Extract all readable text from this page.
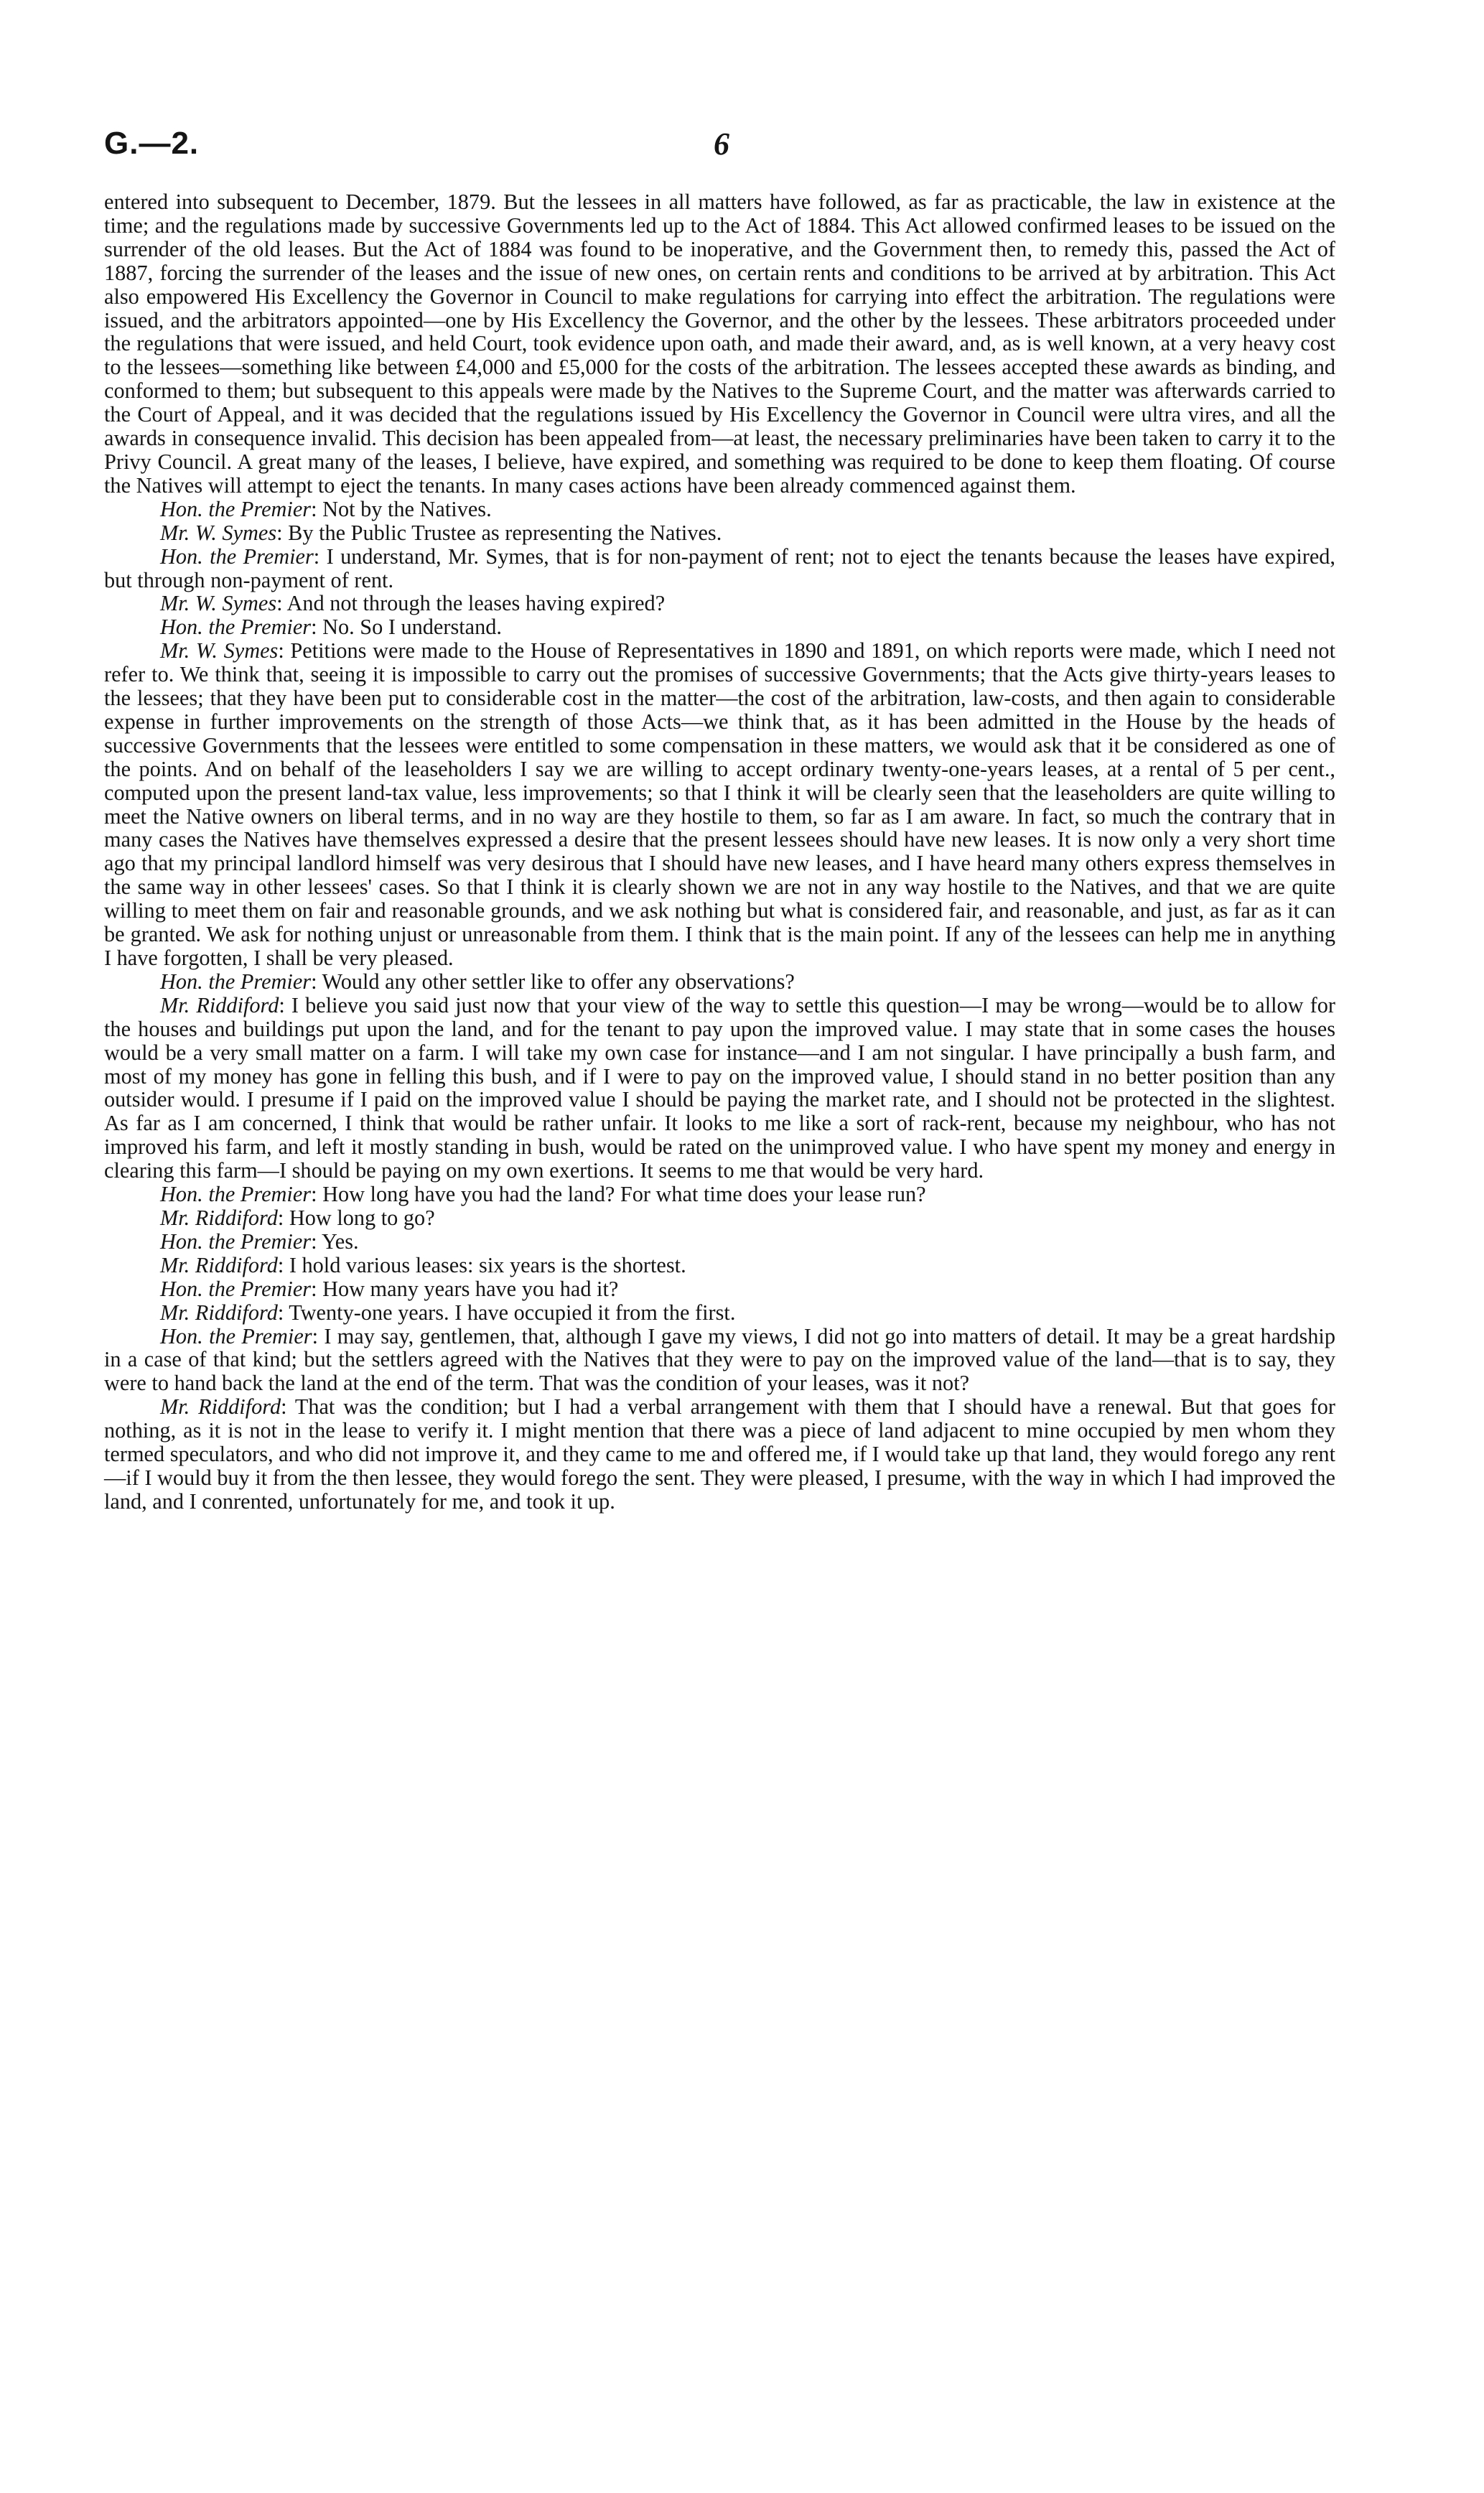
G.—2.	6

entered into subsequent to December, 1879. But the lessees in all matters have followed, as far as practicable, the law in existence at the time; and the regulations made by successive Governments led up to the Act of 1884. This Act allowed confirmed leases to be issued on the surrender of the old leases. But the Act of 1884 was found to be inoperative, and the Government then, to remedy this, passed the Act of 1887, forcing the surrender of the leases and the issue of new ones, on certain rents and conditions to be arrived at by arbitration. This Act also empowered His Excellency the Governor in Council to make regulations for carrying into effect the arbitration. The regulations were issued, and the arbitrators appointed—one by His Excellency the Governor, and the other by the lessees. These arbitrators proceeded under the regulations that were issued, and held Court, took evidence upon oath, and made their award, and, as is well known, at a very heavy cost to the lessees—something like between £4,000 and £5,000 for the costs of the arbitration. The lessees accepted these awards as binding, and conformed to them; but subsequent to this appeals were made by the Natives to the Supreme Court, and the matter was afterwards carried to the Court of Appeal, and it was decided that the regulations issued by His Excellency the Governor in Council were ultra vires, and all the awards in consequence invalid. This decision has been appealed from—at least, the necessary preliminaries have been taken to carry it to the Privy Council. A great many of the leases, I believe, have expired, and something was required to be done to keep them floating. Of course the Natives will attempt to eject the tenants. In many cases actions have been already commenced against them.

Hon. the Premier: Not by the Natives.

Mr. W. Symes: By the Public Trustee as representing the Natives.

Hon. the Premier: I understand, Mr. Symes, that is for non-payment of rent; not to eject the tenants because the leases have expired, but through non-payment of rent.

Mr. W. Symes: And not through the leases having expired?

Hon. the Premier: No. So I understand.

Mr. W. Symes: Petitions were made to the House of Representatives in 1890 and 1891, on which reports were made, which I need not refer to. We think that, seeing it is impossible to carry out the promises of successive Governments; that the Acts give thirty-years leases to the lessees; that they have been put to considerable cost in the matter—the cost of the arbitration, law-costs, and then again to considerable expense in further improvements on the strength of those Acts—we think that, as it has been admitted in the House by the heads of successive Governments that the lessees were entitled to some compensation in these matters, we would ask that it be considered as one of the points. And on behalf of the leaseholders I say we are willing to accept ordinary twenty-one-years leases, at a rental of 5 per cent., computed upon the present land-tax value, less improvements; so that I think it will be clearly seen that the leaseholders are quite willing to meet the Native owners on liberal terms, and in no way are they hostile to them, so far as I am aware. In fact, so much the contrary that in many cases the Natives have themselves expressed a desire that the present lessees should have new leases. It is now only a very short time ago that my principal landlord himself was very desirous that I should have new leases, and I have heard many others express themselves in the same way in other lessees' cases. So that I think it is clearly shown we are not in any way hostile to the Natives, and that we are quite willing to meet them on fair and reasonable grounds, and we ask nothing but what is considered fair, and reasonable, and just, as far as it can be granted. We ask for nothing unjust or unreasonable from them. I think that is the main point. If any of the lessees can help me in anything I have forgotten, I shall be very pleased.

Hon. the Premier: Would any other settler like to offer any observations?

Mr. Riddiford: I believe you said just now that your view of the way to settle this question—I may be wrong—would be to allow for the houses and buildings put upon the land, and for the tenant to pay upon the improved value. I may state that in some cases the houses would be a very small matter on a farm. I will take my own case for instance—and I am not singular. I have principally a bush farm, and most of my money has gone in felling this bush, and if I were to pay on the improved value, I should stand in no better position than any outsider would. I presume if I paid on the improved value I should be paying the market rate, and I should not be protected in the slightest. As far as I am concerned, I think that would be rather unfair. It looks to me like a sort of rack-rent, because my neighbour, who has not improved his farm, and left it mostly standing in bush, would be rated on the unimproved value. I who have spent my money and energy in clearing this farm—I should be paying on my own exertions. It seems to me that would be very hard.

Hon. the Premier: How long have you had the land? For what time does your lease run?

Mr. Riddiford: How long to go?

Hon. the Premier: Yes.

Mr. Riddiford: I hold various leases: six years is the shortest.

Hon. the Premier: How many years have you had it?

Mr. Riddiford: Twenty-one years. I have occupied it from the first.

Hon. the Premier: I may say, gentlemen, that, although I gave my views, I did not go into matters of detail. It may be a great hardship in a case of that kind; but the settlers agreed with the Natives that they were to pay on the improved value of the land—that is to say, they were to hand back the land at the end of the term. That was the condition of your leases, was it not?

Mr. Riddiford: That was the condition; but I had a verbal arrangement with them that I should have a renewal. But that goes for nothing, as it is not in the lease to verify it. I might mention that there was a piece of land adjacent to mine occupied by men whom they termed speculators, and who did not improve it, and they came to me and offered me, if I would take up that land, they would forego any rent—if I would buy it from the then lessee, they would forego the sent. They were pleased, I presume, with the way in which I had improved the land, and I conrented, unfortunately for me, and took it up.
